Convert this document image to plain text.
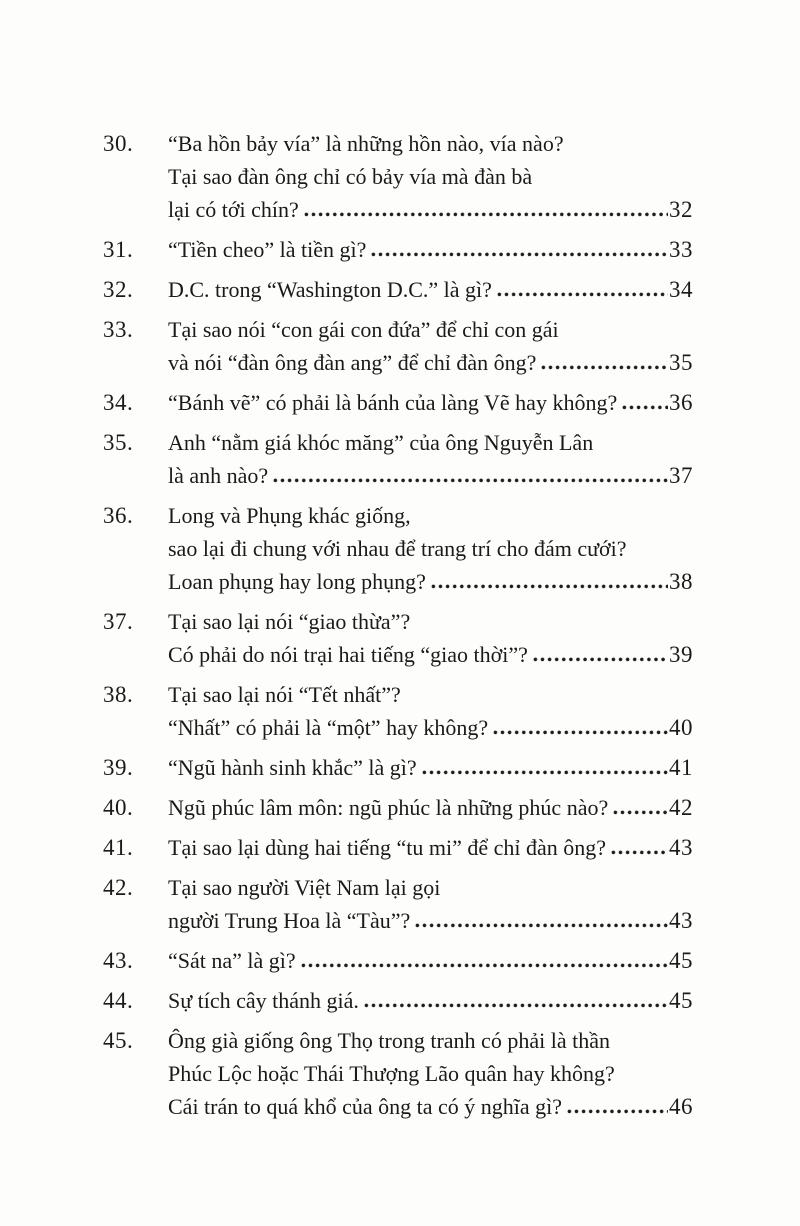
30.	“Ba hồn bảy vía” là những hồn nào, vía nào?
Tại sao đàn ông chỉ có bảy vía mà đàn bà
lại có tới chín?	32
31.	“Tiền cheo” là tiền gì?	33
32.	D.C. trong “Washington D.C.” là gì?	34
33.	Tại sao nói “con gái con đứa” để chỉ con gái
và nói “đàn ông đàn ang” để chỉ đàn ông?	35
34.	“Bánh vẽ” có phải là bánh của làng Vẽ hay không? 36
35.	Anh “nằm giá khóc măng” của ông Nguyễn Lân
là anh nào?	37
36.	Long và Phụng khác giống,
sao lại đi chung với nhau để trang trí cho đám cưới?
Loan phụng hay long phụng?	38
37.	Tại sao lại nói “giao thừa”?
Có phải do nói trại hai tiếng “giao thời”?	39
38.	Tại sao lại nói “Tết nhất”?
“Nhất” có phải là “một” hay không?	40
39.	“Ngũ hành sinh khắc” là gì?	41
40.	Ngũ phúc lâm môn: ngũ phúc là những phúc nào?	42
41.	Tại sao lại dùng hai tiếng “tu mi” để chỉ đàn ông?	43
42.	Tại sao người Việt Nam lại gọi
người Trung Hoa là “Tàu”?	43
43.	“Sát na” là gì?	45
44.	Sự tích cây thánh giá.	45
45.	Ông già giống ông Thọ trong tranh có phải là thần
Phúc Lộc hoặc Thái Thượng Lão quân hay không?
Cái trán to quá khổ của ông ta có ý nghĩa gì?	46
